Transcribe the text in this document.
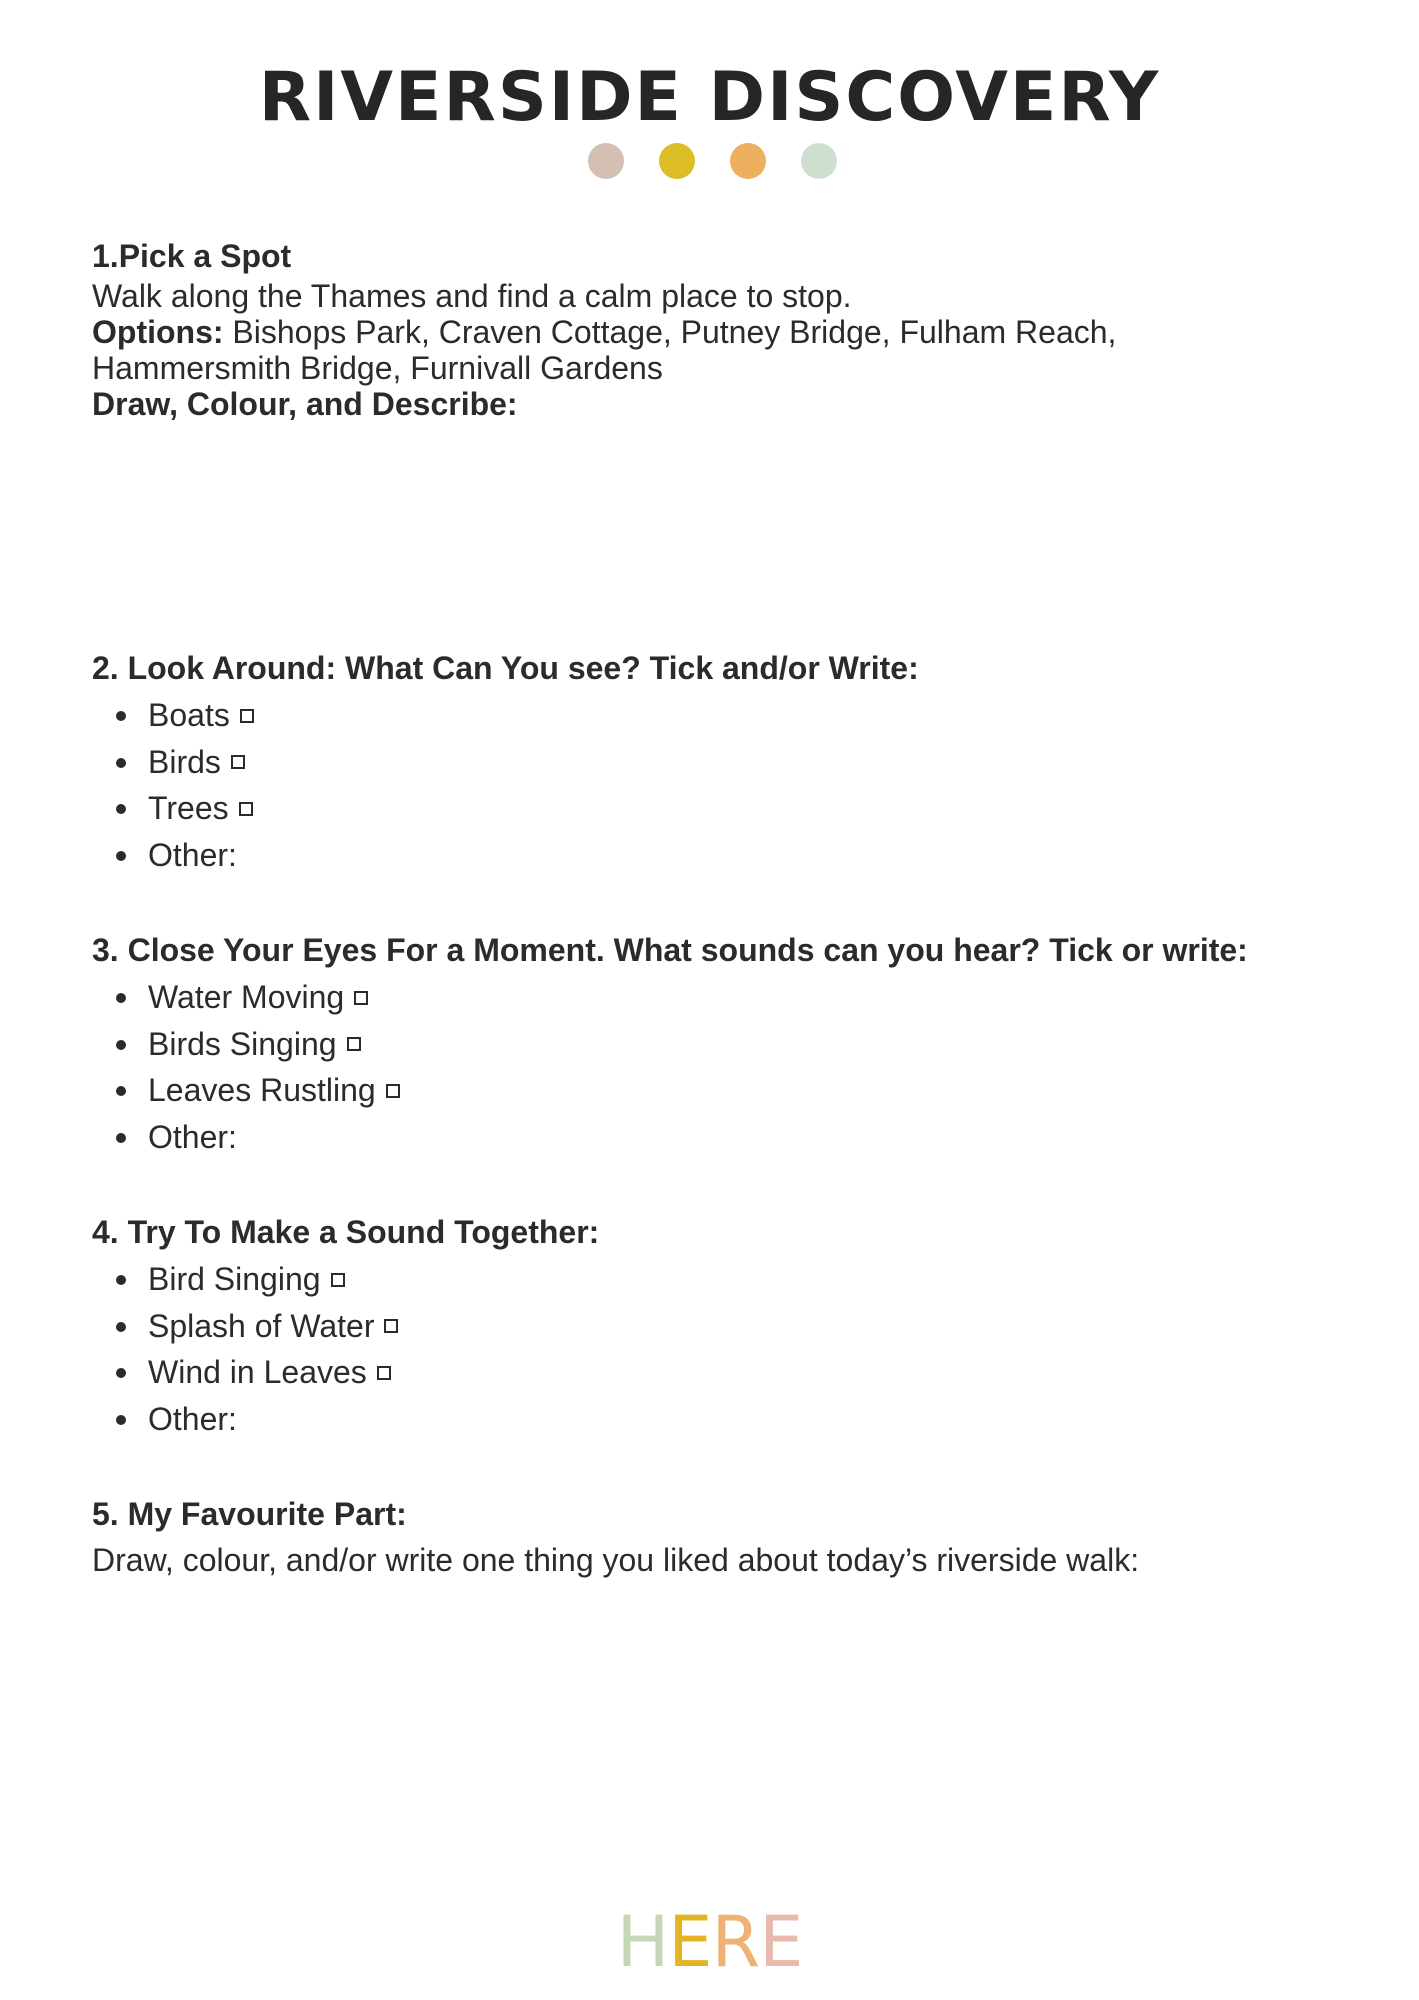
RIVERSIDE DISCOVERY

1.Pick a Spot

Walk along the Thames and find a calm place to stop.

Options: Bishops Park, Craven Cottage, Putney Bridge, Fulham Reach,

Hammersmith Bridge, Furnivall Gardens

Draw, Colour, and Describe:

2. Look Around: What Can You see? Tick and/or Write:

Boats
Birds
Trees
Other:

3. Close Your Eyes For a Moment. What sounds can you hear? Tick or write:

Water Moving
Birds Singing
Leaves Rustling
Other:

4. Try To Make a Sound Together:

Bird Singing
Splash of Water
Wind in Leaves
Other:

5. My Favourite Part:

Draw, colour, and/or write one thing you liked about today’s riverside walk:

HERE
